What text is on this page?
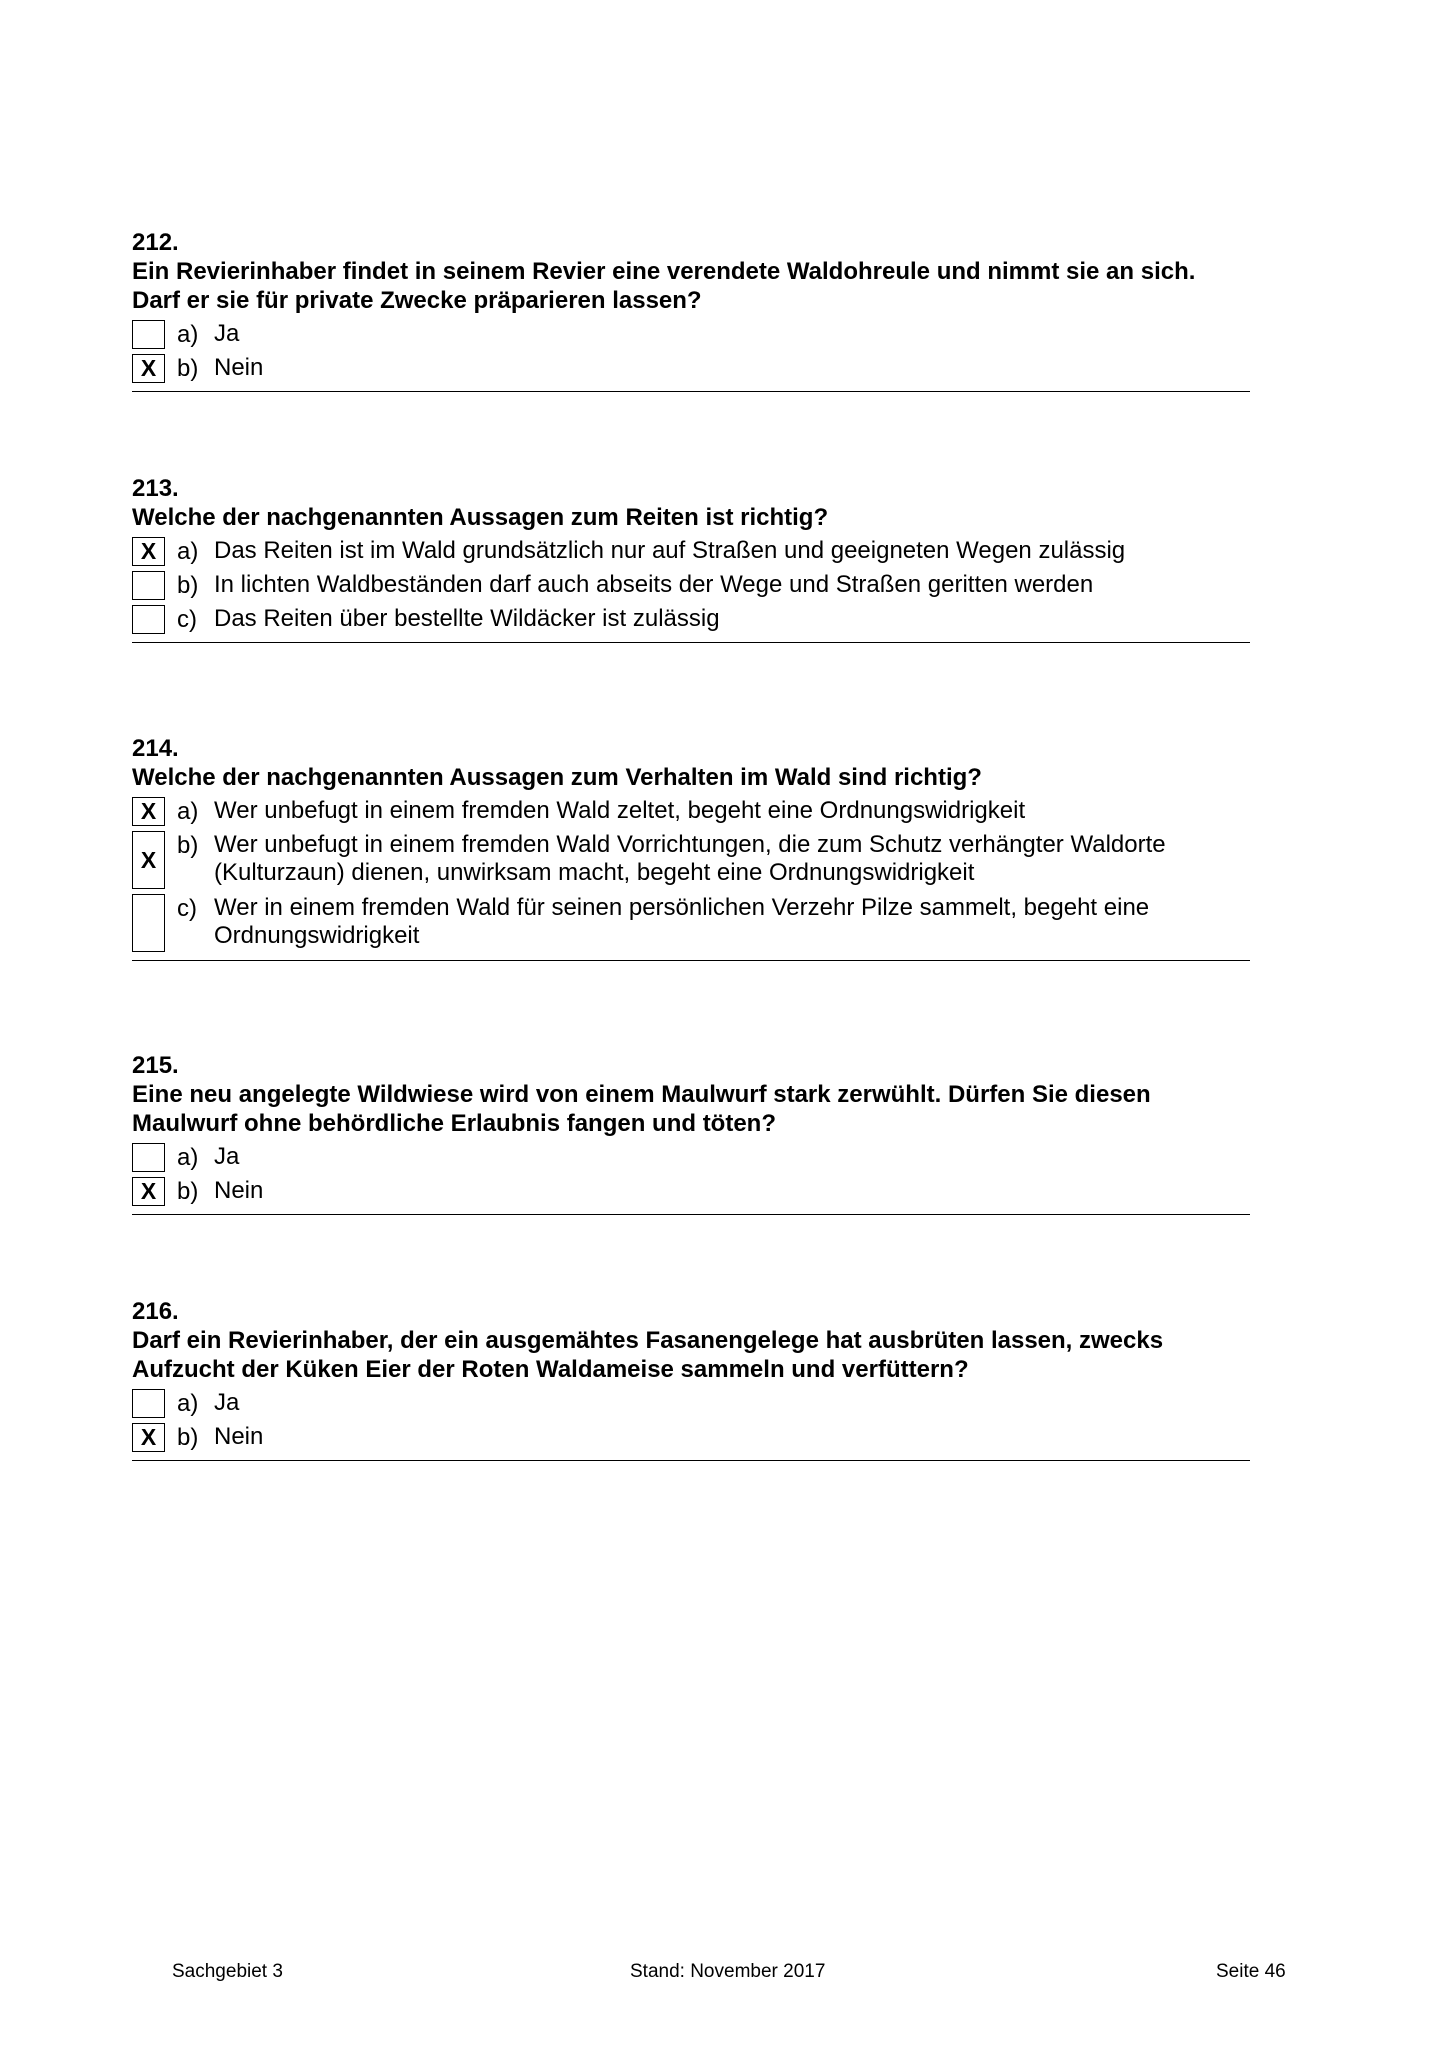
212.

Ein Revierinhaber findet in seinem Revier eine verendete Waldohreule und nimmt sie an sich.
Darf er sie für private Zwecke präparieren lassen?

a) Ja
X b) Nein

213.

Welche der nachgenannten Aussagen zum Reiten ist richtig?

X a) Das Reiten ist im Wald grundsätzlich nur auf Straßen und geeigneten Wegen zulässig
b) In lichten Waldbeständen darf auch abseits der Wege und Straßen geritten werden
c) Das Reiten über bestellte Wildäcker ist zulässig

214.

Welche der nachgenannten Aussagen zum Verhalten im Wald sind richtig?

X a) Wer unbefugt in einem fremden Wald zeltet, begeht eine Ordnungswidrigkeit
X
b) Wer unbefugt in einem fremden Wald Vorrichtungen, die zum Schutz verhängter Waldorte
(Kulturzaun) dienen, unwirksam macht, begeht eine Ordnungswidrigkeit
c) Wer in einem fremden Wald für seinen persönlichen Verzehr Pilze sammelt, begeht eine
Ordnungswidrigkeit

215.

Eine neu angelegte Wildwiese wird von einem Maulwurf stark zerwühlt. Dürfen Sie diesen
Maulwurf ohne behördliche Erlaubnis fangen und töten?

a) Ja
X b) Nein

216.

Darf ein Revierinhaber, der ein ausgemähtes Fasanengelege hat ausbrüten lassen, zwecks
Aufzucht der Küken Eier der Roten Waldameise sammeln und verfüttern?

a) Ja
X b) Nein
Sachgebiet 3	Stand: November 2017	Seite 46
